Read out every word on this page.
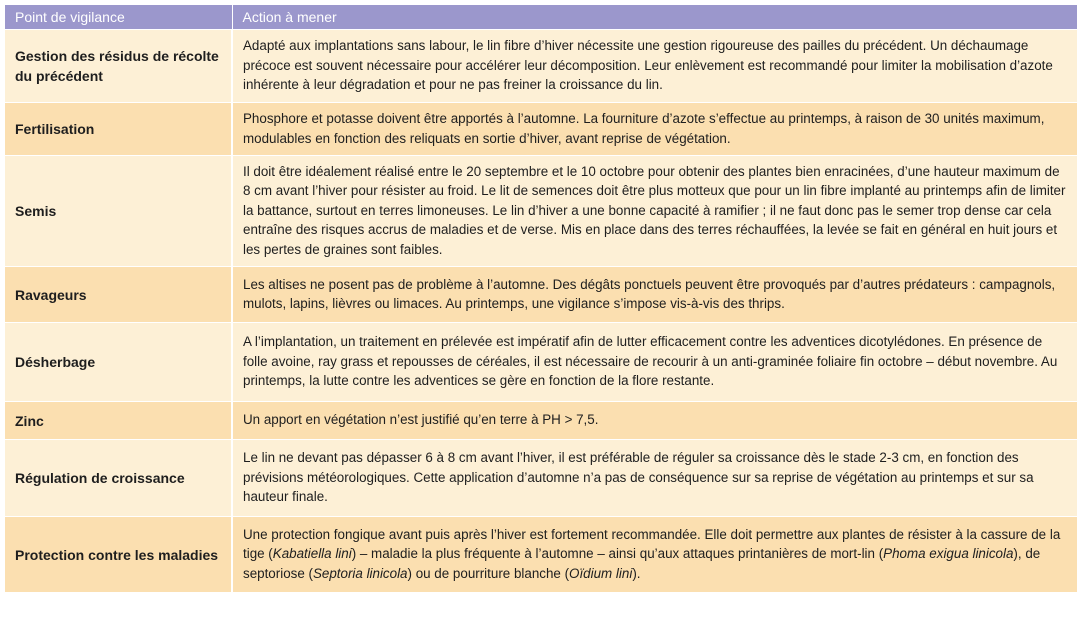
Point de vigilance	Action à mener
Gestion des résidus de récolte du précédent	Adapté aux implantations sans labour, le lin fibre d’hiver nécessite une gestion rigoureuse des pailles du précédent. Un déchaumage précoce est souvent nécessaire pour accélérer leur décomposition. Leur enlèvement est recommandé pour limiter la mobilisation d’azote inhérente à leur dégradation et pour ne pas freiner la croissance du lin.
Fertilisation	Phosphore et potasse doivent être apportés à l’automne. La fourniture d’azote s’effectue au printemps, à raison de 30 unités maximum, modulables en fonction des reliquats en sortie d’hiver, avant reprise de végétation.
Semis	Il doit être idéalement réalisé entre le 20 septembre et le 10 octobre pour obtenir des plantes bien enracinées, d’une hauteur maximum de 8 cm avant l’hiver pour résister au froid. Le lit de semences doit être plus motteux que pour un lin fibre implanté au printemps afin de limiter la battance, surtout en terres limoneuses. Le lin d’hiver a une bonne capacité à ramifier ; il ne faut donc pas le semer trop dense car cela entraîne des risques accrus de maladies et de verse. Mis en place dans des terres réchauffées, la levée se fait en général en huit jours et les pertes de graines sont faibles.
Ravageurs	Les altises ne posent pas de problème à l’automne. Des dégâts ponctuels peuvent être provoqués par d’autres prédateurs : campagnols, mulots, lapins, lièvres ou limaces. Au printemps, une vigilance s’impose vis-à-vis des thrips.
Désherbage	A l’implantation, un traitement en prélevée est impératif afin de lutter efficacement contre les adventices dicotylédones. En présence de folle avoine, ray grass et repousses de céréales, il est nécessaire de recourir à un anti-graminée foliaire fin octobre – début novembre. Au printemps, la lutte contre les adventices se gère en fonction de la flore restante.
Zinc	Un apport en végétation n’est justifié qu’en terre à PH > 7,5.
Régulation de croissance	Le lin ne devant pas dépasser 6 à 8 cm avant l’hiver, il est préférable de réguler sa croissance dès le stade 2-3 cm, en fonction des prévisions météorologiques. Cette application d’automne n’a pas de conséquence sur sa reprise de végétation au printemps et sur sa hauteur finale.
Protection contre les maladies	Une protection fongique avant puis après l’hiver est fortement recommandée. Elle doit permettre aux plantes de résister à la cassure de la tige (Kabatiella lini) – maladie la plus fréquente à l’automne – ainsi qu’aux attaques printanières de mort-lin (Phoma exigua linicola), de septoriose (Septoria linicola) ou de pourriture blanche (Oïdium lini).
